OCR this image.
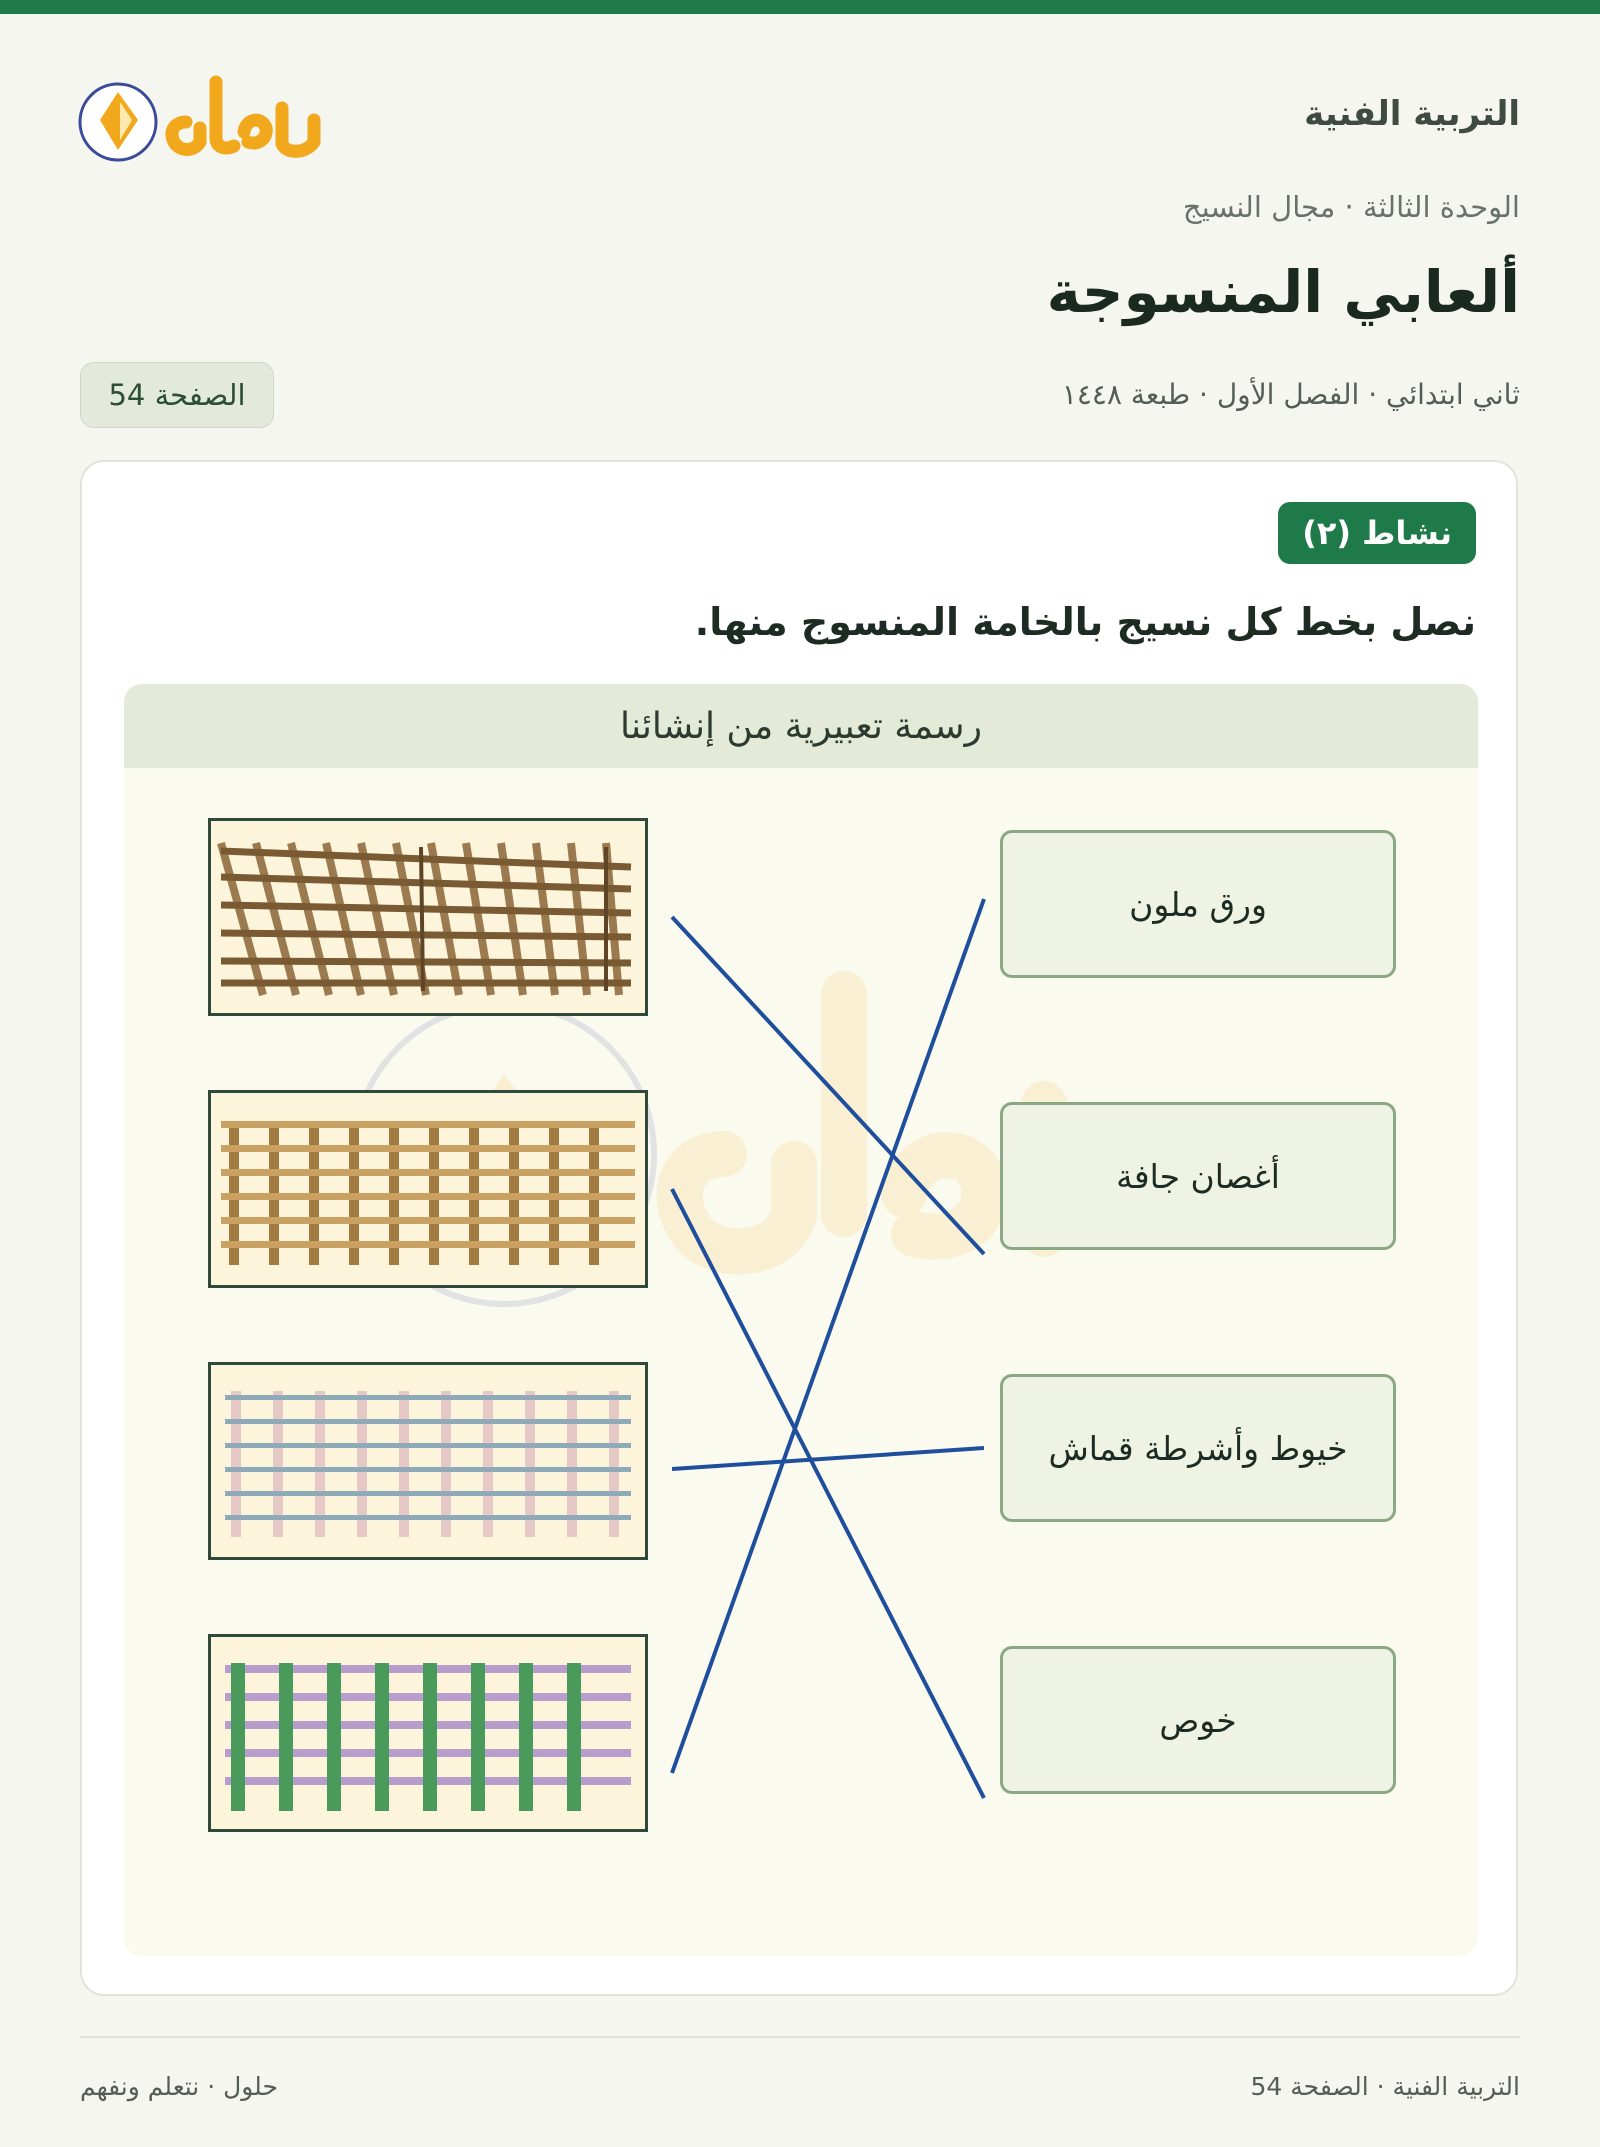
التربية الفنية
الوحدة الثالثة · مجال النسيج
ألعابي المنسوجة
ثاني ابتدائي · الفصل الأول · طبعة ١٤٤٨
الصفحة 54
نشاط (٢)
نصل بخط كل نسيج بالخامة المنسوج منها.
رسمة تعبيرية من إنشائنا
ورق ملون
أغصان جافة
خيوط وأشرطة قماش
خوص
حلول · نتعلم ونفهم	التربية الفنية · الصفحة 54
